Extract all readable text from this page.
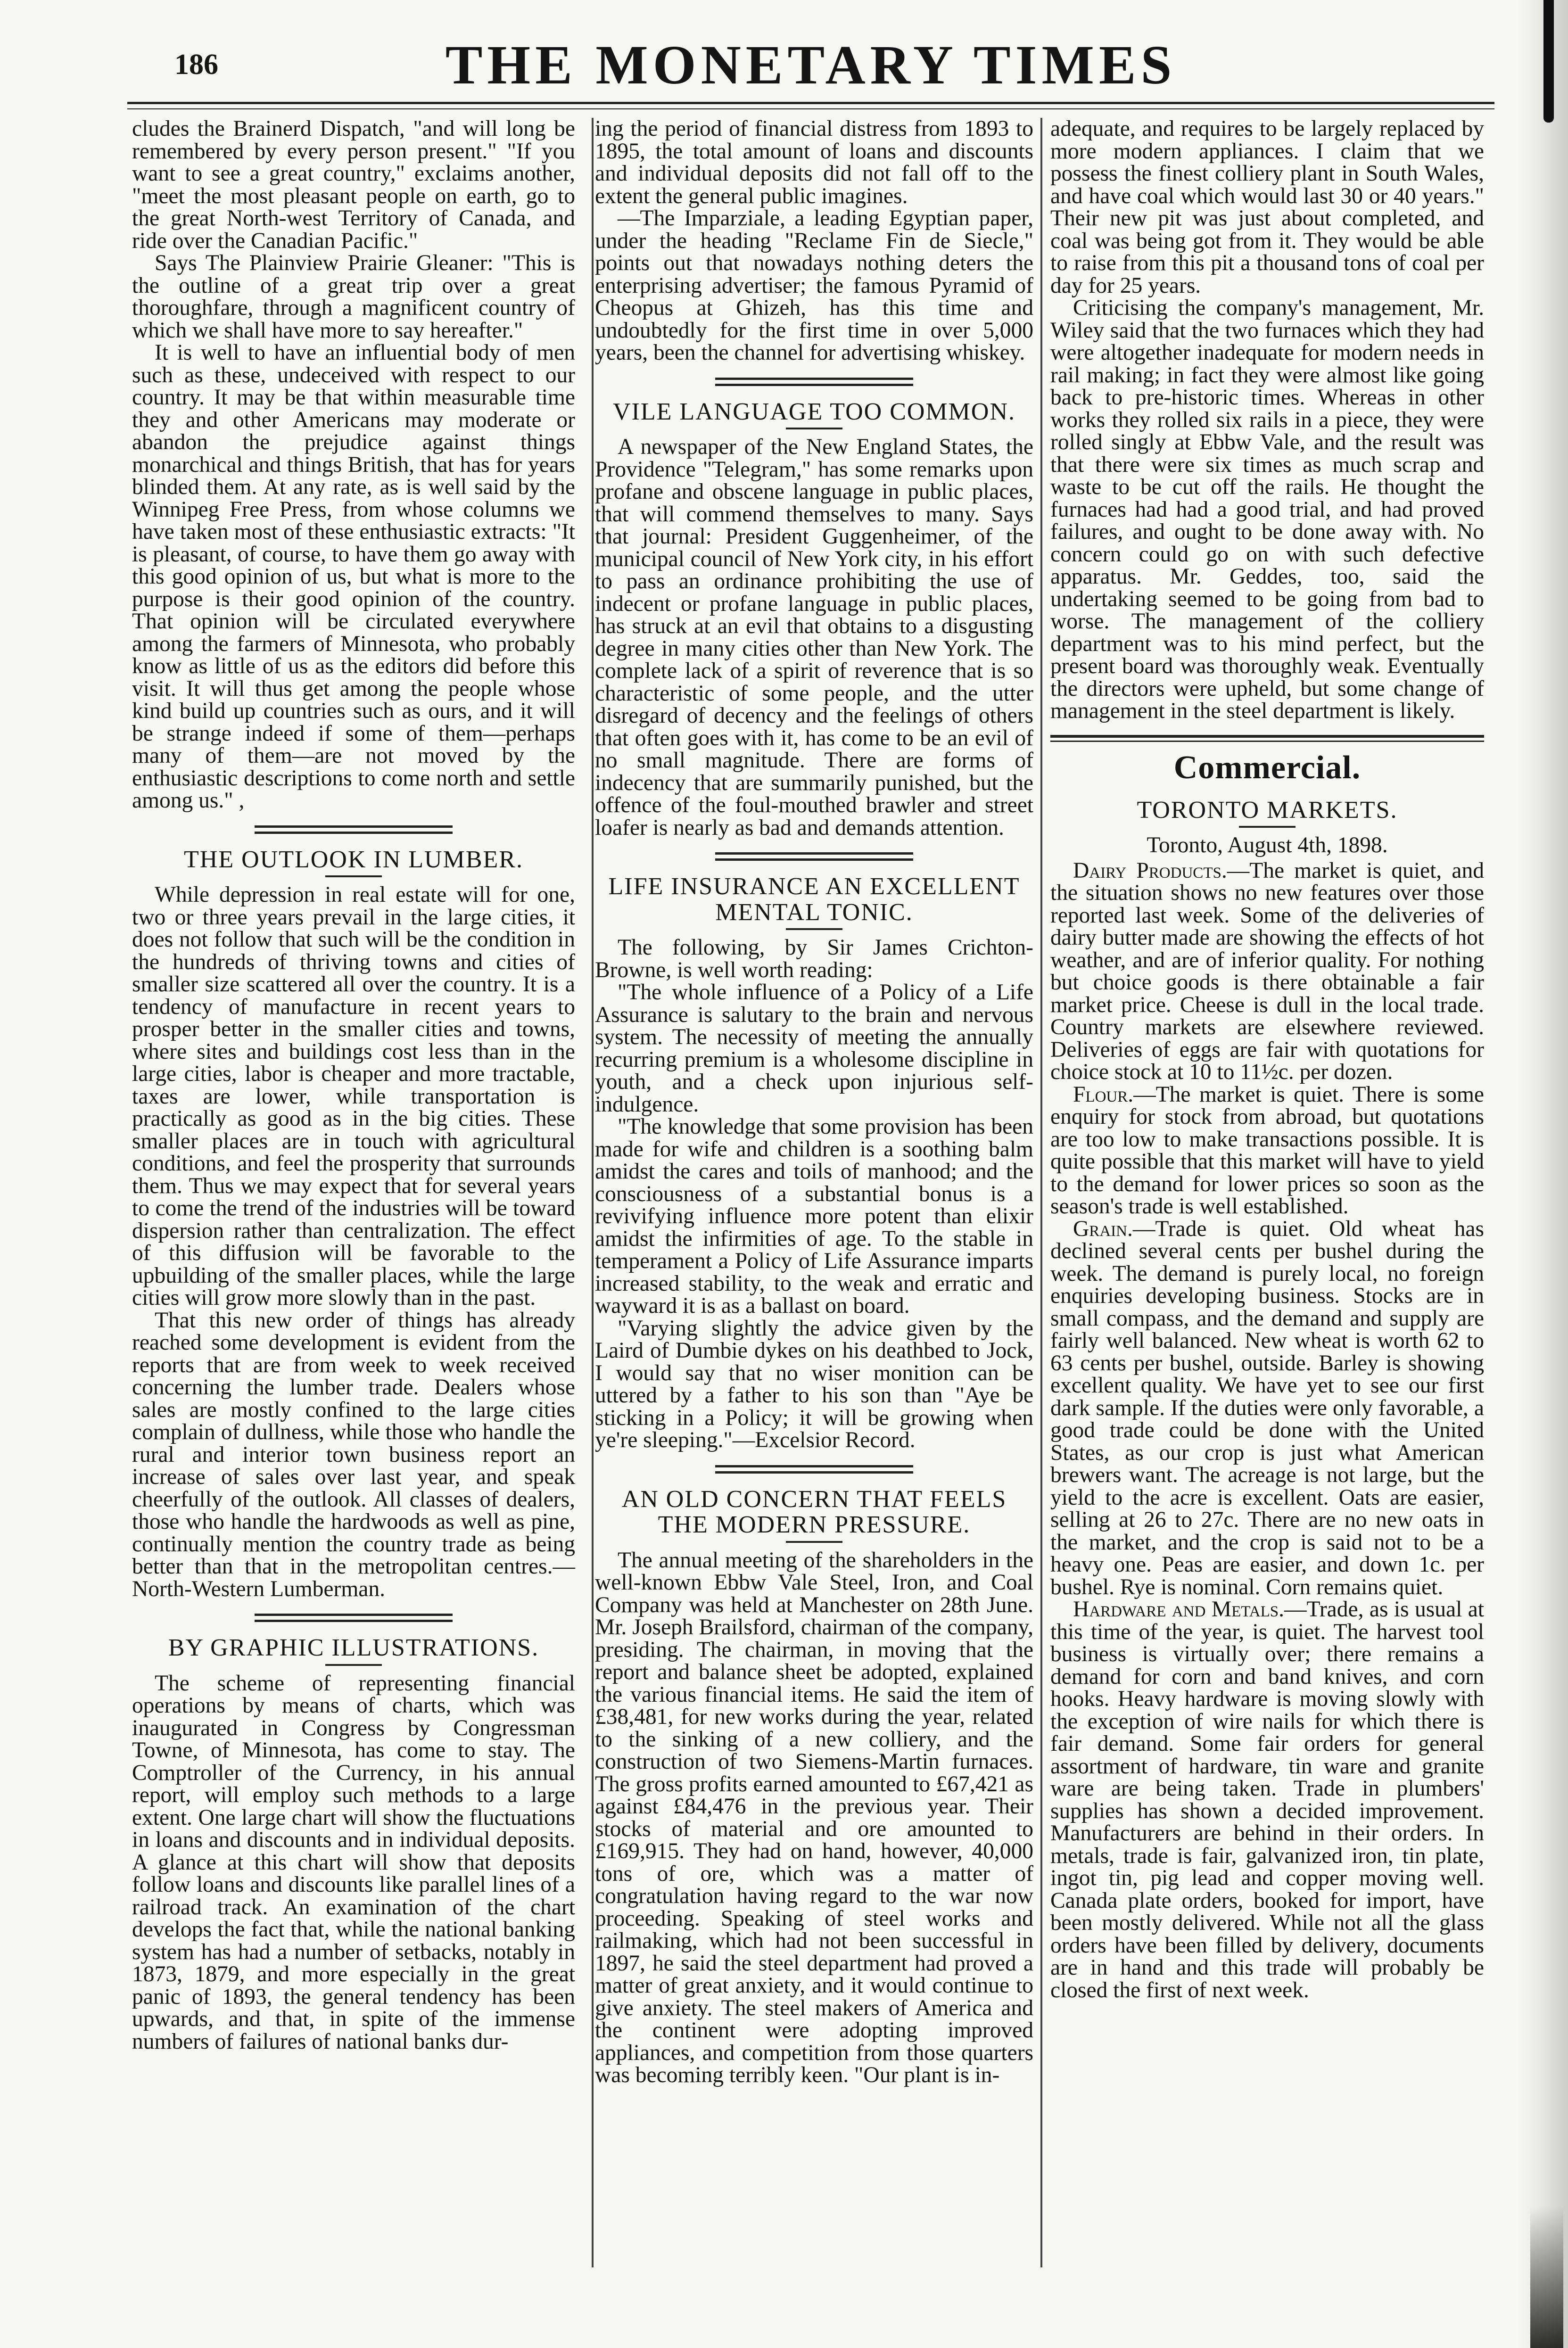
186	THE MONETARY TIMES

cludes the Brainerd Dispatch, "and will long be remembered by every person present." "If you want to see a great country," exclaims another, "meet the most pleasant people on earth, go to the great North-west Territory of Canada, and ride over the Canadian Pacific."

Says The Plainview Prairie Gleaner: "This is the outline of a great trip over a great thoroughfare, through a magnificent country of which we shall have more to say hereafter."

It is well to have an influential body of men such as these, undeceived with respect to our country. It may be that within measurable time they and other Americans may moderate or abandon the prejudice against things monarchical and things British, that has for years blinded them. At any rate, as is well said by the Winnipeg Free Press, from whose columns we have taken most of these enthusiastic extracts: "It is pleasant, of course, to have them go away with this good opinion of us, but what is more to the purpose is their good opinion of the country. That opinion will be circulated everywhere among the farmers of Minnesota, who probably know as little of us as the editors did before this visit. It will thus get among the people whose kind build up countries such as ours, and it will be strange indeed if some of them—perhaps many of them—are not moved by the enthusiastic descriptions to come north and settle among us." ,

THE OUTLOOK IN LUMBER.

While depression in real estate will for one, two or three years prevail in the large cities, it does not follow that such will be the condition in the hundreds of thriving towns and cities of smaller size scattered all over the country. It is a tendency of manufacture in recent years to prosper better in the smaller cities and towns, where sites and buildings cost less than in the large cities, labor is cheaper and more tractable, taxes are lower, while transportation is practically as good as in the big cities. These smaller places are in touch with agricultural conditions, and feel the prosperity that surrounds them. Thus we may expect that for several years to come the trend of the industries will be toward dispersion rather than centralization. The effect of this diffusion will be favorable to the upbuilding of the smaller places, while the large cities will grow more slowly than in the past.

That this new order of things has already reached some development is evident from the reports that are from week to week received concerning the lumber trade. Dealers whose sales are mostly confined to the large cities complain of dullness, while those who handle the rural and interior town business report an increase of sales over last year, and speak cheerfully of the outlook. All classes of dealers, those who handle the hardwoods as well as pine, continually mention the country trade as being better than that in the metropolitan centres.—North-Western Lumberman.

BY GRAPHIC ILLUSTRATIONS.

The scheme of representing financial operations by means of charts, which was inaugurated in Congress by Congressman Towne, of Minnesota, has come to stay. The Comptroller of the Currency, in his annual report, will employ such methods to a large extent. One large chart will show the fluctuations in loans and discounts and in individual deposits. A glance at this chart will show that deposits follow loans and discounts like parallel lines of a railroad track. An examination of the chart develops the fact that, while the national banking system has had a number of setbacks, notably in 1873, 1879, and more especially in the great panic of 1893, the general tendency has been upwards, and that, in spite of the immense numbers of failures of national banks dur-

ing the period of financial distress from 1893 to 1895, the total amount of loans and discounts and individual deposits did not fall off to the extent the general public imagines.

—The Imparziale, a leading Egyptian paper, under the heading "Reclame Fin de Siecle," points out that nowadays nothing deters the enterprising advertiser; the famous Pyramid of Cheopus at Ghizeh, has this time and undoubtedly for the first time in over 5,000 years, been the channel for advertising whiskey.

VILE LANGUAGE TOO COMMON.

A newspaper of the New England States, the Providence "Telegram," has some remarks upon profane and obscene language in public places, that will commend themselves to many. Says that journal: President Guggenheimer, of the municipal council of New York city, in his effort to pass an ordinance prohibiting the use of indecent or profane language in public places, has struck at an evil that obtains to a disgusting degree in many cities other than New York. The complete lack of a spirit of reverence that is so characteristic of some people, and the utter disregard of decency and the feelings of others that often goes with it, has come to be an evil of no small magnitude. There are forms of indecency that are summarily punished, but the offence of the foul-mouthed brawler and street loafer is nearly as bad and demands attention.

LIFE INSURANCE AN EXCELLENT MENTAL TONIC.

The following, by Sir James Crichton-Browne, is well worth reading:

"The whole influence of a Policy of a Life Assurance is salutary to the brain and nervous system. The necessity of meeting the annually recurring premium is a wholesome discipline in youth, and a check upon injurious self-indulgence.

"The knowledge that some provision has been made for wife and children is a soothing balm amidst the cares and toils of manhood; and the consciousness of a substantial bonus is a revivifying influence more potent than elixir amidst the infirmities of age. To the stable in temperament a Policy of Life Assurance imparts increased stability, to the weak and erratic and wayward it is as a ballast on board.

"Varying slightly the advice given by the Laird of Dumbie dykes on his deathbed to Jock, I would say that no wiser monition can be uttered by a father to his son than "Aye be sticking in a Policy; it will be growing when ye're sleeping."—Excelsior Record.

AN OLD CONCERN THAT FEELS THE MODERN PRESSURE.

The annual meeting of the shareholders in the well-known Ebbw Vale Steel, Iron, and Coal Company was held at Manchester on 28th June. Mr. Joseph Brailsford, chairman of the company, presiding. The chairman, in moving that the report and balance sheet be adopted, explained the various financial items. He said the item of £38,481, for new works during the year, related to the sinking of a new colliery, and the construction of two Siemens-Martin furnaces. The gross profits earned amounted to £67,421 as against £84,476 in the previous year. Their stocks of material and ore amounted to £169,915. They had on hand, however, 40,000 tons of ore, which was a matter of congratulation having regard to the war now proceeding. Speaking of steel works and railmaking, which had not been successful in 1897, he said the steel department had proved a matter of great anxiety, and it would continue to give anxiety. The steel makers of America and the continent were adopting improved appliances, and competition from those quarters was becoming terribly keen. "Our plant is in-

adequate, and requires to be largely replaced by more modern appliances. I claim that we possess the finest colliery plant in South Wales, and have coal which would last 30 or 40 years." Their new pit was just about completed, and coal was being got from it. They would be able to raise from this pit a thousand tons of coal per day for 25 years.

Criticising the company's management, Mr. Wiley said that the two furnaces which they had were altogether inadequate for modern needs in rail making; in fact they were almost like going back to pre-historic times. Whereas in other works they rolled six rails in a piece, they were rolled singly at Ebbw Vale, and the result was that there were six times as much scrap and waste to be cut off the rails. He thought the furnaces had had a good trial, and had proved failures, and ought to be done away with. No concern could go on with such defective apparatus. Mr. Geddes, too, said the undertaking seemed to be going from bad to worse. The management of the colliery department was to his mind perfect, but the present board was thoroughly weak. Eventually the directors were upheld, but some change of management in the steel department is likely.

Commercial.
TORONTO MARKETS.
Toronto, August 4th, 1898.

Dairy Products.—The market is quiet, and the situation shows no new features over those reported last week. Some of the deliveries of dairy butter made are showing the effects of hot weather, and are of inferior quality. For nothing but choice goods is there obtainable a fair market price. Cheese is dull in the local trade. Country markets are elsewhere reviewed. Deliveries of eggs are fair with quotations for choice stock at 10 to 11½c. per dozen.

Flour.—The market is quiet. There is some enquiry for stock from abroad, but quotations are too low to make transactions possible. It is quite possible that this market will have to yield to the demand for lower prices so soon as the season's trade is well established.

Grain.—Trade is quiet. Old wheat has declined several cents per bushel during the week. The demand is purely local, no foreign enquiries developing business. Stocks are in small compass, and the demand and supply are fairly well balanced. New wheat is worth 62 to 63 cents per bushel, outside. Barley is showing excellent quality. We have yet to see our first dark sample. If the duties were only favorable, a good trade could be done with the United States, as our crop is just what American brewers want. The acreage is not large, but the yield to the acre is excellent. Oats are easier, selling at 26 to 27c. There are no new oats in the market, and the crop is said not to be a heavy one. Peas are easier, and down 1c. per bushel. Rye is nominal. Corn remains quiet.

Hardware and Metals.—Trade, as is usual at this time of the year, is quiet. The harvest tool business is virtually over; there remains a demand for corn and band knives, and corn hooks. Heavy hardware is moving slowly with the exception of wire nails for which there is fair demand. Some fair orders for general assortment of hardware, tin ware and granite ware are being taken. Trade in plumbers' supplies has shown a decided improvement. Manufacturers are behind in their orders. In metals, trade is fair, galvanized iron, tin plate, ingot tin, pig lead and copper moving well. Canada plate orders, booked for import, have been mostly delivered. While not all the glass orders have been filled by delivery, documents are in hand and this trade will probably be closed the first of next week.
